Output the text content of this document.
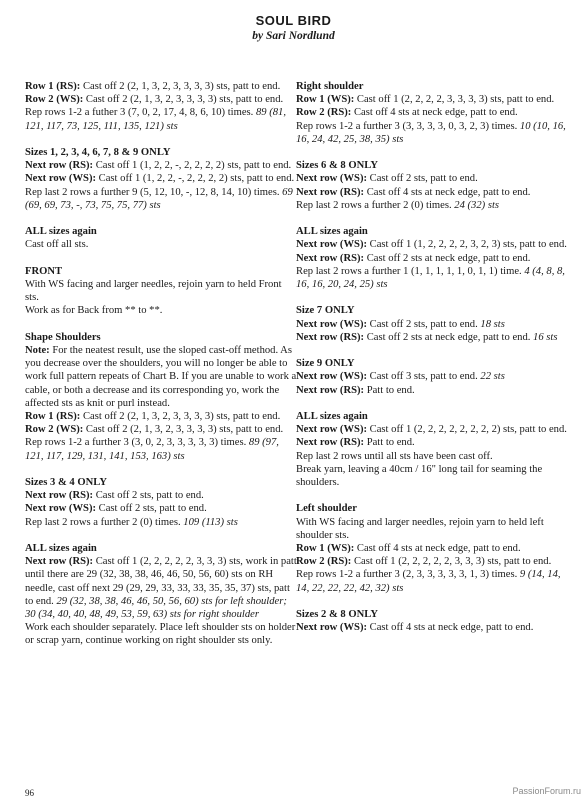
SOUL BIRD
by Sari Nordlund
Row 1 (RS): Cast off 2 (2, 1, 3, 2, 3, 3, 3, 3) sts, patt to end.
Row 2 (WS): Cast off 2 (2, 1, 3, 2, 3, 3, 3, 3) sts, patt to end.
Rep rows 1-2 a futher 3 (7, 0, 2, 17, 4, 8, 6, 10) times. 89 (81, 121, 117, 73, 125, 111, 135, 121) sts
Sizes 1, 2, 3, 4, 6, 7, 8 & 9 ONLY
Next row (RS): Cast off 1 (1, 2, 2, -, 2, 2, 2, 2) sts, patt to end.
Next row (WS): Cast off 1 (1, 2, 2, -, 2, 2, 2, 2) sts, patt to end.
Rep last 2 rows a further 9 (5, 12, 10, -, 12, 8, 14, 10) times. 69 (69, 69, 73, -, 73, 75, 75, 77) sts
ALL sizes again
Cast off all sts.
FRONT
With WS facing and larger needles, rejoin yarn to held Front sts.
Work as for Back from ** to **.
Shape Shoulders
Note: For the neatest result, use the sloped cast-off method. As you decrease over the shoulders, you will no longer be able to work full pattern repeats of Chart B. If you are unable to work a cable, or both a decrease and its corresponding yo, work the affected sts as knit or purl instead.
Row 1 (RS): Cast off 2 (2, 1, 3, 2, 3, 3, 3, 3) sts, patt to end.
Row 2 (WS): Cast off 2 (2, 1, 3, 2, 3, 3, 3, 3) sts, patt to end.
Rep rows 1-2 a further 3 (3, 0, 2, 3, 3, 3, 3, 3) times. 89 (97, 121, 117, 129, 131, 141, 153, 163) sts
Sizes 3 & 4 ONLY
Next row (RS): Cast off 2 sts, patt to end.
Next row (WS): Cast off 2 sts, patt to end.
Rep last 2 rows a further 2 (0) times. 109 (113) sts
ALL sizes again
Next row (RS): Cast off 1 (2, 2, 2, 2, 2, 3, 3, 3) sts, work in patt until there are 29 (32, 38, 38, 46, 46, 50, 56, 60) sts on RH needle, cast off next 29 (29, 29, 33, 33, 33, 35, 35, 37) sts, patt to end. 29 (32, 38, 38, 46, 46, 50, 56, 60) sts for left shoulder; 30 (34, 40, 40, 48, 49, 53, 59, 63) sts for right shoulder
Work each shoulder separately. Place left shoulder sts on holder or scrap yarn, continue working on right shoulder sts only.
Right shoulder
Row 1 (WS): Cast off 1 (2, 2, 2, 2, 3, 3, 3, 3) sts, patt to end.
Row 2 (RS): Cast off 4 sts at neck edge, patt to end.
Rep rows 1-2 a further 3 (3, 3, 3, 3, 0, 3, 2, 3) times. 10 (10, 16, 16, 24, 42, 25, 38, 35) sts
Sizes 6 & 8 ONLY
Next row (WS): Cast off 2 sts, patt to end.
Next row (RS): Cast off 4 sts at neck edge, patt to end.
Rep last 2 rows a further 2 (0) times. 24 (32) sts
ALL sizes again
Next row (WS): Cast off 1 (1, 2, 2, 2, 2, 3, 2, 3) sts, patt to end.
Next row (RS): Cast off 2 sts at neck edge, patt to end.
Rep last 2 rows a further 1 (1, 1, 1, 1, 1, 0, 1, 1) time. 4 (4, 8, 8, 16, 16, 20, 24, 25) sts
Size 7 ONLY
Next row (WS): Cast off 2 sts, patt to end. 18 sts
Next row (RS): Cast off 2 sts at neck edge, patt to end. 16 sts
Size 9 ONLY
Next row (WS): Cast off 3 sts, patt to end. 22 sts
Next row (RS): Patt to end.
ALL sizes again
Next row (WS): Cast off 1 (2, 2, 2, 2, 2, 2, 2, 2) sts, patt to end.
Next row (RS): Patt to end.
Rep last 2 rows until all sts have been cast off.
Break yarn, leaving a 40cm / 16" long tail for seaming the shoulders.
Left shoulder
With WS facing and larger needles, rejoin yarn to held left shoulder sts.
Row 1 (WS): Cast off 4 sts at neck edge, patt to end.
Row 2 (RS): Cast off 1 (2, 2, 2, 2, 2, 3, 3, 3) sts, patt to end.
Rep rows 1-2 a further 3 (2, 3, 3, 3, 3, 3, 1, 3) times. 9 (14, 14, 14, 22, 22, 22, 42, 32) sts
Sizes 2 & 8 ONLY
Next row (WS): Cast off 4 sts at neck edge, patt to end.
96	PassionForum.ru
